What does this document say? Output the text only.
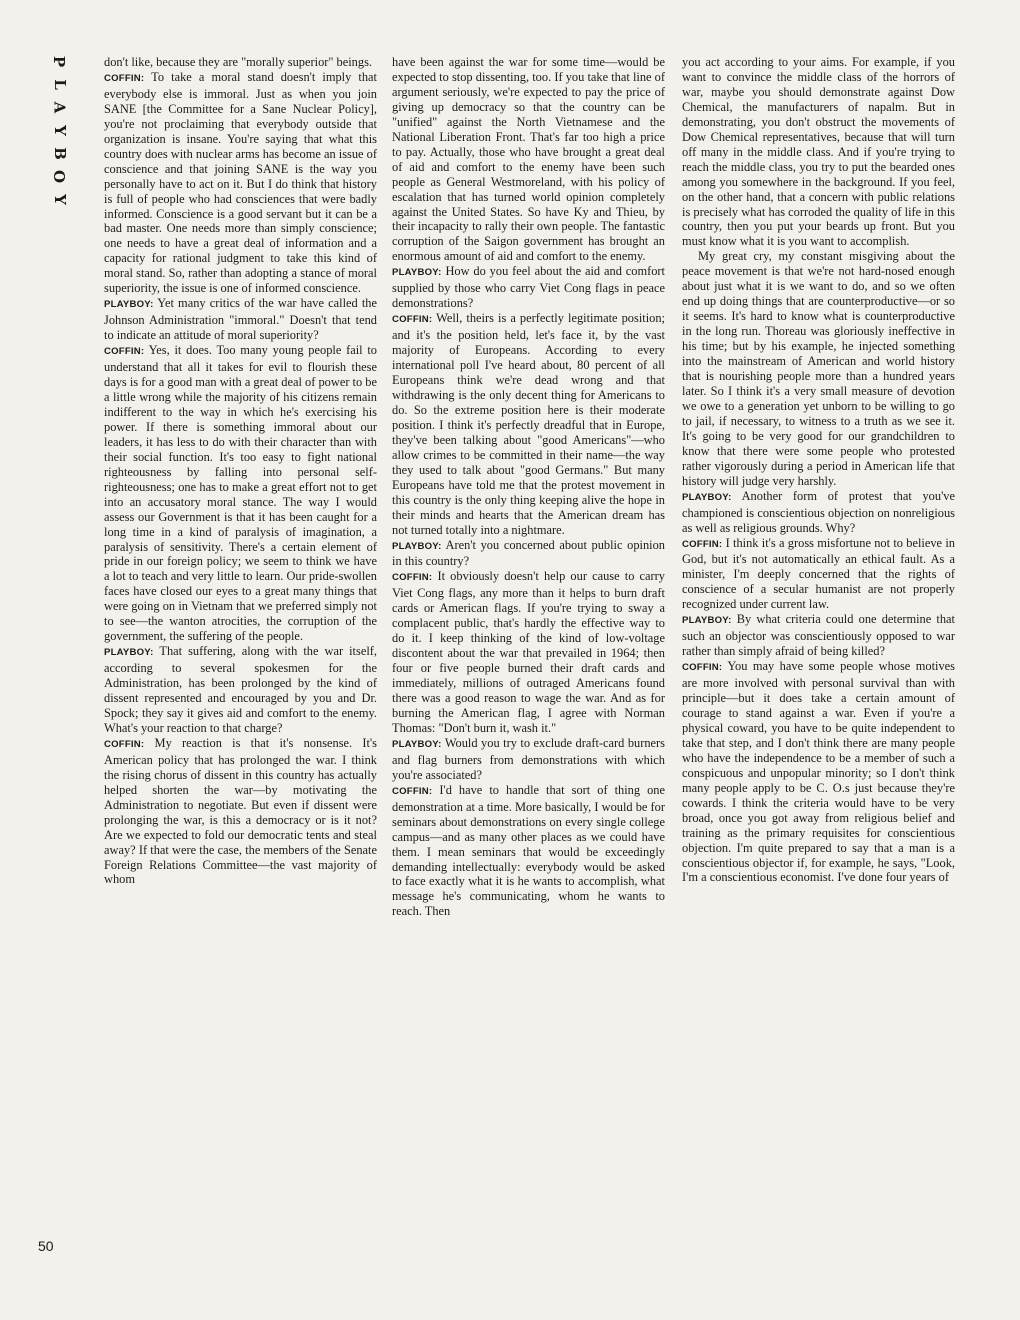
P
L
A
Y
B
O
Y
50

don't like, because they are "morally superior" beings.

COFFIN: To take a moral stand doesn't imply that everybody else is immoral. Just as when you join SANE [the Committee for a Sane Nuclear Policy], you're not proclaiming that everybody outside that organization is insane. You're saying that what this country does with nuclear arms has become an issue of conscience and that joining SANE is the way you personally have to act on it. But I do think that history is full of people who had consciences that were badly informed. Conscience is a good servant but it can be a bad master. One needs more than simply conscience; one needs to have a great deal of information and a capacity for rational judgment to take this kind of moral stand. So, rather than adopting a stance of moral superiority, the issue is one of informed conscience.

PLAYBOY: Yet many critics of the war have called the Johnson Administration "immoral." Doesn't that tend to indicate an attitude of moral superiority?

COFFIN: Yes, it does. Too many young people fail to understand that all it takes for evil to flourish these days is for a good man with a great deal of power to be a little wrong while the majority of his citizens remain indifferent to the way in which he's exercising his power. If there is something immoral about our leaders, it has less to do with their character than with their social function. It's too easy to fight national righteousness by falling into personal self-righteousness; one has to make a great effort not to get into an accusatory moral stance. The way I would assess our Government is that it has been caught for a long time in a kind of paralysis of imagination, a paralysis of sensitivity. There's a certain element of pride in our foreign policy; we seem to think we have a lot to teach and very little to learn. Our pride-swollen faces have closed our eyes to a great many things that were going on in Vietnam that we preferred simply not to see—the wanton atrocities, the corruption of the government, the suffering of the people.

PLAYBOY: That suffering, along with the war itself, according to several spokesmen for the Administration, has been prolonged by the kind of dissent represented and encouraged by you and Dr. Spock; they say it gives aid and comfort to the enemy. What's your reaction to that charge?

COFFIN: My reaction is that it's nonsense. It's American policy that has prolonged the war. I think the rising chorus of dissent in this country has actually helped shorten the war—by motivating the Administration to negotiate. But even if dissent were prolonging the war, is this a democracy or is it not? Are we expected to fold our democratic tents and steal away? If that were the case, the members of the Senate Foreign Relations Committee—the vast majority of whom

have been against the war for some time—would be expected to stop dissenting, too. If you take that line of argument seriously, we're expected to pay the price of giving up democracy so that the country can be "unified" against the North Vietnamese and the National Liberation Front. That's far too high a price to pay. Actually, those who have brought a great deal of aid and comfort to the enemy have been such people as General Westmoreland, with his policy of escalation that has turned world opinion completely against the United States. So have Ky and Thieu, by their incapacity to rally their own people. The fantastic corruption of the Saigon government has brought an enormous amount of aid and comfort to the enemy.

PLAYBOY: How do you feel about the aid and comfort supplied by those who carry Viet Cong flags in peace demonstrations?

COFFIN: Well, theirs is a perfectly legitimate position; and it's the position held, let's face it, by the vast majority of Europeans. According to every international poll I've heard about, 80 percent of all Europeans think we're dead wrong and that withdrawing is the only decent thing for Americans to do. So the extreme position here is their moderate position. I think it's perfectly dreadful that in Europe, they've been talking about "good Americans"—who allow crimes to be committed in their name—the way they used to talk about "good Germans." But many Europeans have told me that the protest movement in this country is the only thing keeping alive the hope in their minds and hearts that the American dream has not turned totally into a nightmare.

PLAYBOY: Aren't you concerned about public opinion in this country?

COFFIN: It obviously doesn't help our cause to carry Viet Cong flags, any more than it helps to burn draft cards or American flags. If you're trying to sway a complacent public, that's hardly the effective way to do it. I keep thinking of the kind of low-voltage discontent about the war that prevailed in 1964; then four or five people burned their draft cards and immediately, millions of outraged Americans found there was a good reason to wage the war. And as for burning the American flag, I agree with Norman Thomas: "Don't burn it, wash it."

PLAYBOY: Would you try to exclude draft-card burners and flag burners from demonstrations with which you're associated?

COFFIN: I'd have to handle that sort of thing one demonstration at a time. More basically, I would be for seminars about demonstrations on every single college campus—and as many other places as we could have them. I mean seminars that would be exceedingly demanding intellectually: everybody would be asked to face exactly what it is he wants to accomplish, what message he's communicating, whom he wants to reach. Then

you act according to your aims. For example, if you want to convince the middle class of the horrors of war, maybe you should demonstrate against Dow Chemical, the manufacturers of napalm. But in demonstrating, you don't obstruct the movements of Dow Chemical representatives, because that will turn off many in the middle class. And if you're trying to reach the middle class, you try to put the bearded ones among you somewhere in the background. If you feel, on the other hand, that a concern with public relations is precisely what has corroded the quality of life in this country, then you put your beards up front. But you must know what it is you want to accomplish.

My great cry, my constant misgiving about the peace movement is that we're not hard-nosed enough about just what it is we want to do, and so we often end up doing things that are counterproductive—or so it seems. It's hard to know what is counterproductive in the long run. Thoreau was gloriously ineffective in his time; but by his example, he injected something into the mainstream of American and world history that is nourishing people more than a hundred years later. So I think it's a very small measure of devotion we owe to a generation yet unborn to be willing to go to jail, if necessary, to witness to a truth as we see it. It's going to be very good for our grandchildren to know that there were some people who protested rather vigorously during a period in American life that history will judge very harshly.

PLAYBOY: Another form of protest that you've championed is conscientious objection on nonreligious as well as religious grounds. Why?

COFFIN: I think it's a gross misfortune not to believe in God, but it's not automatically an ethical fault. As a minister, I'm deeply concerned that the rights of conscience of a secular humanist are not properly recognized under current law.

PLAYBOY: By what criteria could one determine that such an objector was conscientiously opposed to war rather than simply afraid of being killed?

COFFIN: You may have some people whose motives are more involved with personal survival than with principle—but it does take a certain amount of courage to stand against a war. Even if you're a physical coward, you have to be quite independent to take that step, and I don't think there are many people who have the independence to be a member of such a conspicuous and unpopular minority; so I don't think many people apply to be C. O.s just because they're cowards. I think the criteria would have to be very broad, once you got away from religious belief and training as the primary requisites for conscientious objection. I'm quite prepared to say that a man is a conscientious objector if, for example, he says, "Look, I'm a conscientious economist. I've done four years of
